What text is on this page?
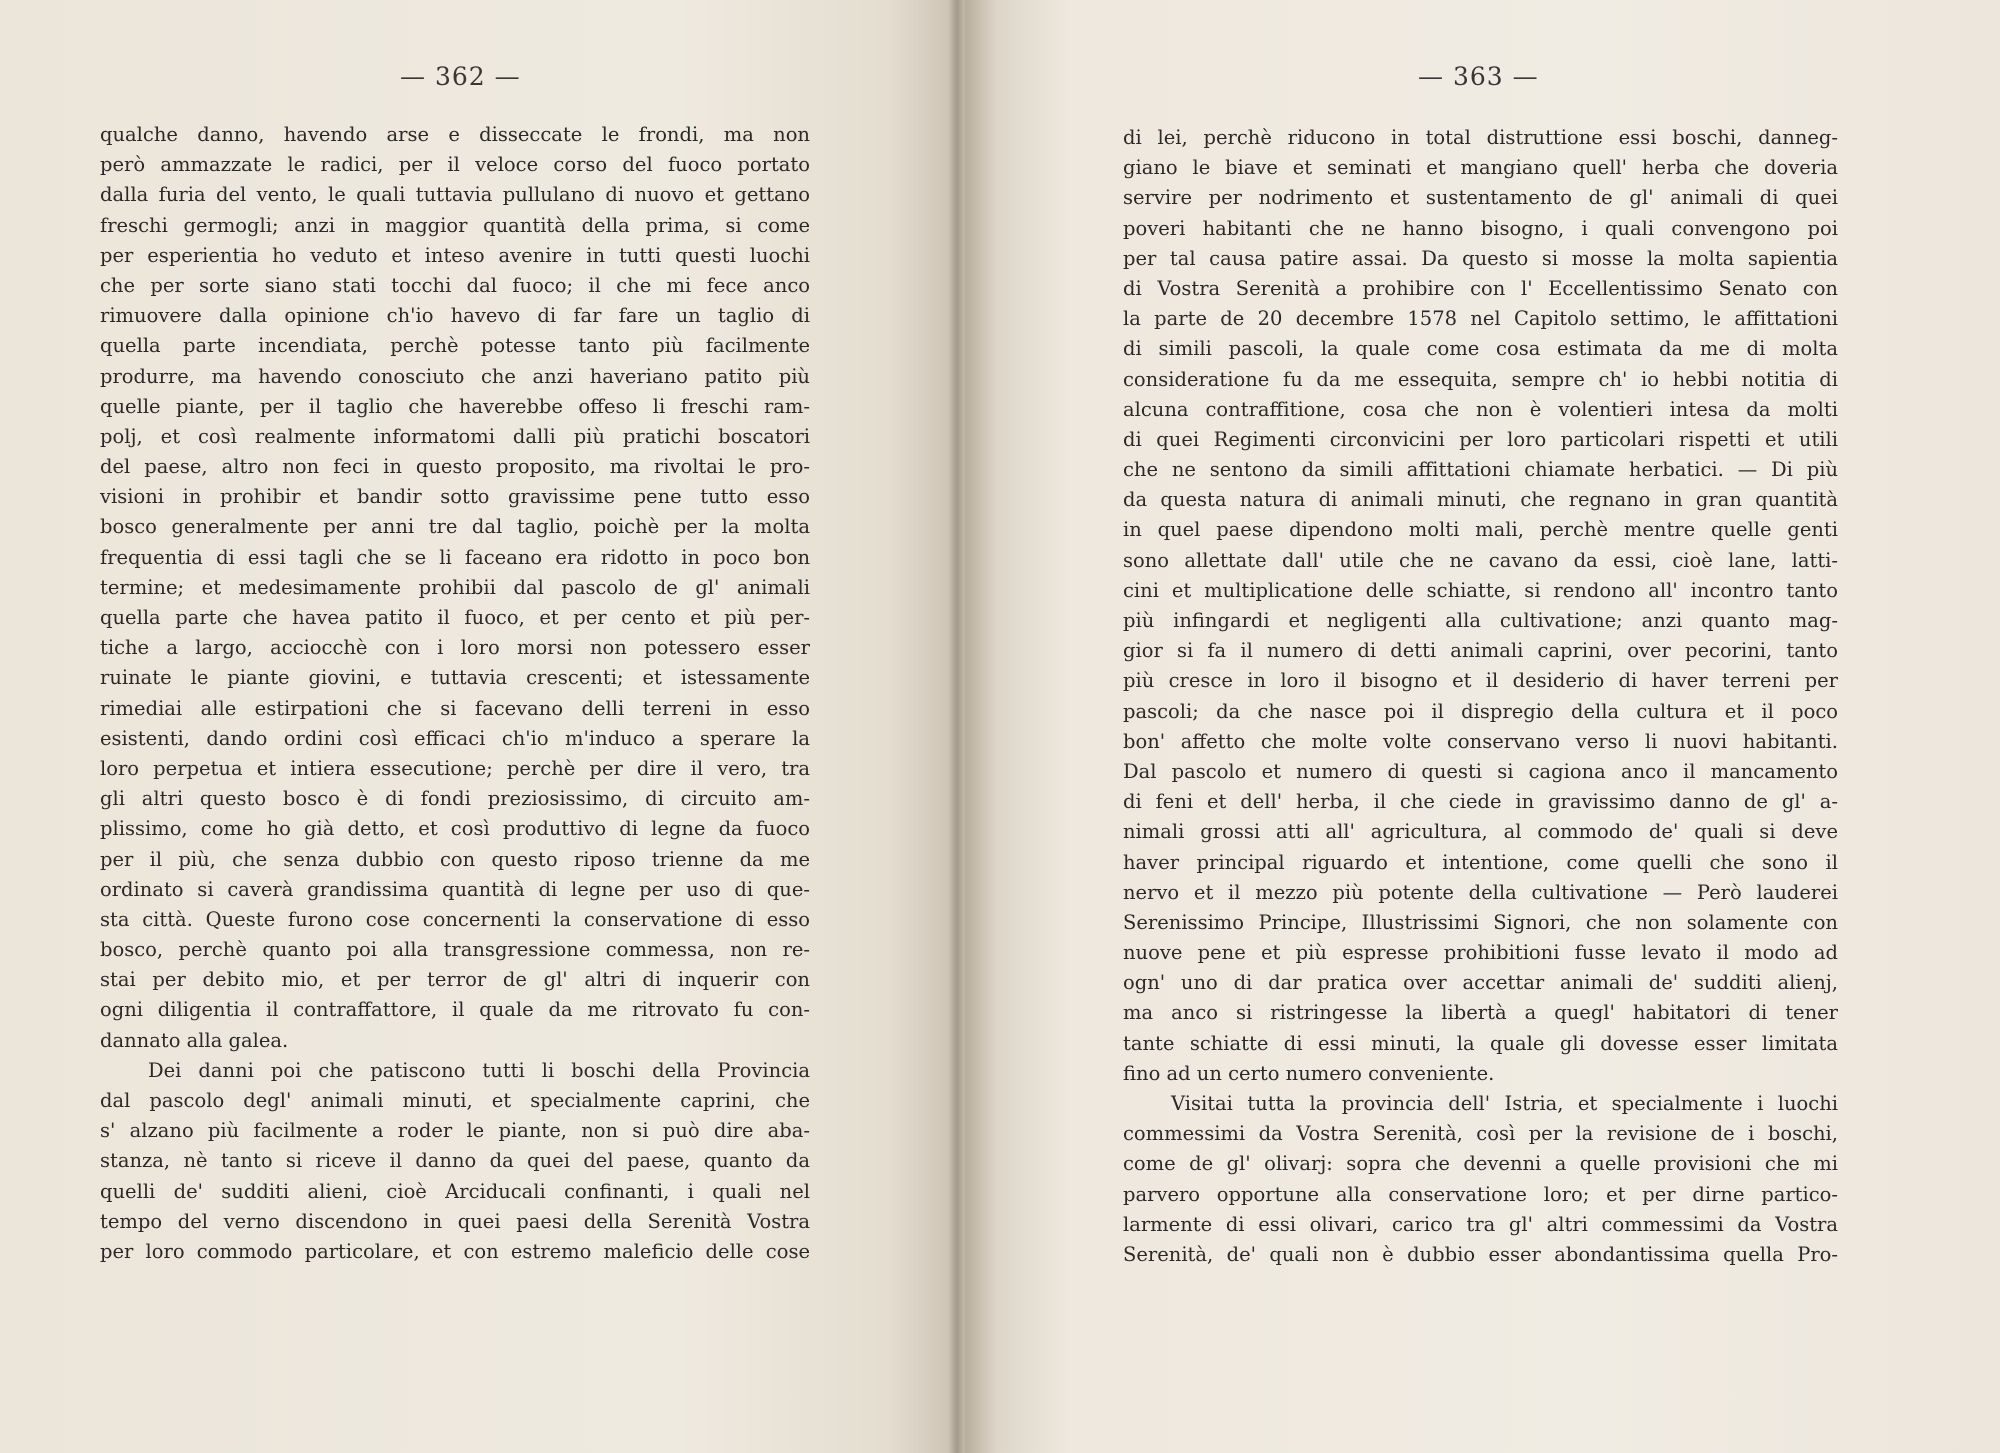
— 362 —
qualche danno, havendo arse e disseccate le frondi, ma non
però ammazzate le radici, per il veloce corso del fuoco portato
dalla furia del vento, le quali tuttavia pullulano di nuovo et gettano
freschi germogli; anzi in maggior quantità della prima, si come
per esperientia ho veduto et inteso avenire in tutti questi luochi
che per sorte siano stati tocchi dal fuoco; il che mi fece anco
rimuovere dalla opinione ch'io havevo di far fare un taglio di
quella parte incendiata, perchè potesse tanto più facilmente
produrre, ma havendo conosciuto che anzi haveriano patito più
quelle piante, per il taglio che haverebbe offeso li freschi ram-
polj, et così realmente informatomi dalli più pratichi boscatori
del paese, altro non feci in questo proposito, ma rivoltai le pro-
visioni in prohibir et bandir sotto gravissime pene tutto esso
bosco generalmente per anni tre dal taglio, poichè per la molta
frequentia di essi tagli che se li faceano era ridotto in poco bon
termine; et medesimamente prohibii dal pascolo de gl' animali
quella parte che havea patito il fuoco, et per cento et più per-
tiche a largo, acciocchè con i loro morsi non potessero esser
ruinate le piante giovini, e tuttavia crescenti; et istessamente
rimediai alle estirpationi che si facevano delli terreni in esso
esistenti, dando ordini così efficaci ch'io m'induco a sperare la
loro perpetua et intiera essecutione; perchè per dire il vero, tra
gli altri questo bosco è di fondi preziosissimo, di circuito am-
plissimo, come ho già detto, et così produttivo di legne da fuoco
per il più, che senza dubbio con questo riposo trienne da me
ordinato si caverà grandissima quantità di legne per uso di que-
sta città. Queste furono cose concernenti la conservatione di esso
bosco, perchè quanto poi alla transgressione commessa, non re-
stai per debito mio, et per terror de gl' altri di inquerir con
ogni diligentia il contraffattore, il quale da me ritrovato fu con-
dannato alla galea.
Dei danni poi che patiscono tutti li boschi della Provincia
dal pascolo degl' animali minuti, et specialmente caprini, che
s' alzano più facilmente a roder le piante, non si può dire aba-
stanza, nè tanto si riceve il danno da quei del paese, quanto da
quelli de' sudditi alieni, cioè Arciducali confinanti, i quali nel
tempo del verno discendono in quei paesi della Serenità Vostra
per loro commodo particolare, et con estremo maleficio delle cose
— 363 —
di lei, perchè riducono in total distruttione essi boschi, danneg-
giano le biave et seminati et mangiano quell' herba che doveria
servire per nodrimento et sustentamento de gl' animali di quei
poveri habitanti che ne hanno bisogno, i quali convengono poi
per tal causa patire assai. Da questo si mosse la molta sapientia
di Vostra Serenità a prohibire con l' Eccellentissimo Senato con
la parte de 20 decembre 1578 nel Capitolo settimo, le affittationi
di simili pascoli, la quale come cosa estimata da me di molta
consideratione fu da me essequita, sempre ch' io hebbi notitia di
alcuna contraffitione, cosa che non è volentieri intesa da molti
di quei Regimenti circonvicini per loro particolari rispetti et utili
che ne sentono da simili affittationi chiamate herbatici. — Di più
da questa natura di animali minuti, che regnano in gran quantità
in quel paese dipendono molti mali, perchè mentre quelle genti
sono allettate dall' utile che ne cavano da essi, cioè lane, latti-
cini et multiplicatione delle schiatte, si rendono all' incontro tanto
più infingardi et negligenti alla cultivatione; anzi quanto mag-
gior si fa il numero di detti animali caprini, over pecorini, tanto
più cresce in loro il bisogno et il desiderio di haver terreni per
pascoli; da che nasce poi il dispregio della cultura et il poco
bon' affetto che molte volte conservano verso li nuovi habitanti.
Dal pascolo et numero di questi si cagiona anco il mancamento
di feni et dell' herba, il che ciede in gravissimo danno de gl' a-
nimali grossi atti all' agricultura, al commodo de' quali si deve
haver principal riguardo et intentione, come quelli che sono il
nervo et il mezzo più potente della cultivatione — Però lauderei
Serenissimo Principe, Illustrissimi Signori, che non solamente con
nuove pene et più espresse prohibitioni fusse levato il modo ad
ogn' uno di dar pratica over accettar animali de' sudditi alienj,
ma anco si ristringesse la libertà a quegl' habitatori di tener
tante schiatte di essi minuti, la quale gli dovesse esser limitata
fino ad un certo numero conveniente.
Visitai tutta la provincia dell' Istria, et specialmente i luochi
commessimi da Vostra Serenità, così per la revisione de i boschi,
come de gl' olivarj: sopra che devenni a quelle provisioni che mi
parvero opportune alla conservatione loro; et per dirne partico-
larmente di essi olivari, carico tra gl' altri commessimi da Vostra
Serenità, de' quali non è dubbio esser abondantissima quella Pro-
